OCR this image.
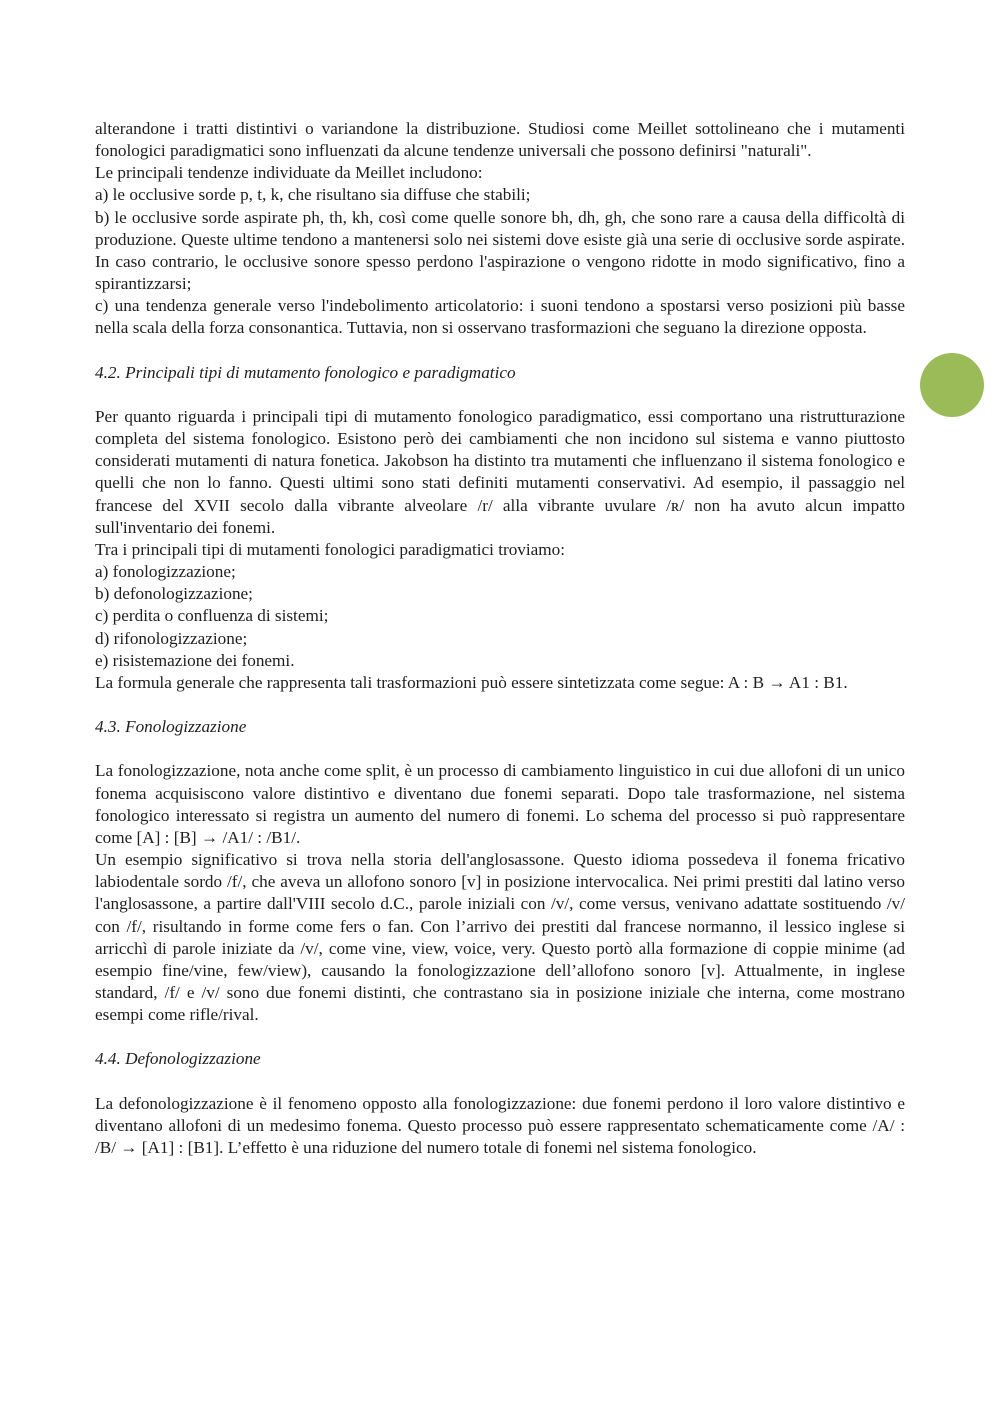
alterandone i tratti distintivi o variandone la distribuzione. Studiosi come Meillet sottolineano che i mutamenti fonologici paradigmatici sono influenzati da alcune tendenze universali che possono definirsi "naturali".

Le principali tendenze individuate da Meillet includono:

a) le occlusive sorde p, t, k, che risultano sia diffuse che stabili;

b) le occlusive sorde aspirate ph, th, kh, così come quelle sonore bh, dh, gh, che sono rare a causa della difficoltà di produzione. Queste ultime tendono a mantenersi solo nei sistemi dove esiste già una serie di occlusive sorde aspirate. In caso contrario, le occlusive sonore spesso perdono l'aspirazione o vengono ridotte in modo significativo, fino a spirantizzarsi;

c) una tendenza generale verso l'indebolimento articolatorio: i suoni tendono a spostarsi verso posizioni più basse nella scala della forza consonantica. Tuttavia, non si osservano trasformazioni che seguano la direzione opposta.

4.2. Principali tipi di mutamento fonologico e paradigmatico

Per quanto riguarda i principali tipi di mutamento fonologico paradigmatico, essi comportano una ristrutturazione completa del sistema fonologico. Esistono però dei cambiamenti che non incidono sul sistema e vanno piuttosto considerati mutamenti di natura fonetica. Jakobson ha distinto tra mutamenti che influenzano il sistema fonologico e quelli che non lo fanno. Questi ultimi sono stati definiti mutamenti conservativi. Ad esempio, il passaggio nel francese del XVII secolo dalla vibrante alveolare /r/ alla vibrante uvulare /ʀ/ non ha avuto alcun impatto sull'inventario dei fonemi.

Tra i principali tipi di mutamenti fonologici paradigmatici troviamo:

a) fonologizzazione;

b) defonologizzazione;

c) perdita o confluenza di sistemi;

d) rifonologizzazione;

e) risistemazione dei fonemi.

La formula generale che rappresenta tali trasformazioni può essere sintetizzata come segue: A : B → A1 : B1.

4.3. Fonologizzazione

La fonologizzazione, nota anche come split, è un processo di cambiamento linguistico in cui due allofoni di un unico fonema acquisiscono valore distintivo e diventano due fonemi separati. Dopo tale trasformazione, nel sistema fonologico interessato si registra un aumento del numero di fonemi. Lo schema del processo si può rappresentare come [A] : [B] → /A1/ : /B1/.

Un esempio significativo si trova nella storia dell'anglosassone. Questo idioma possedeva il fonema fricativo labiodentale sordo /f/, che aveva un allofono sonoro [v] in posizione intervocalica. Nei primi prestiti dal latino verso l'anglosassone, a partire dall'VIII secolo d.C., parole iniziali con /v/, come versus, venivano adattate sostituendo /v/ con /f/, risultando in forme come fers o fan. Con l’arrivo dei prestiti dal francese normanno, il lessico inglese si arricchì di parole iniziate da /v/, come vine, view, voice, very. Questo portò alla formazione di coppie minime (ad esempio fine/vine, few/view), causando la fonologizzazione dell’allofono sonoro [v]. Attualmente, in inglese standard, /f/ e /v/ sono due fonemi distinti, che contrastano sia in posizione iniziale che interna, come mostrano esempi come rifle/rival.

4.4. Defonologizzazione

La defonologizzazione è il fenomeno opposto alla fonologizzazione: due fonemi perdono il loro valore distintivo e diventano allofoni di un medesimo fonema. Questo processo può essere rappresentato schematicamente come /A/ : /B/ → [A1] : [B1]. L’effetto è una riduzione del numero totale di fonemi nel sistema fonologico.
